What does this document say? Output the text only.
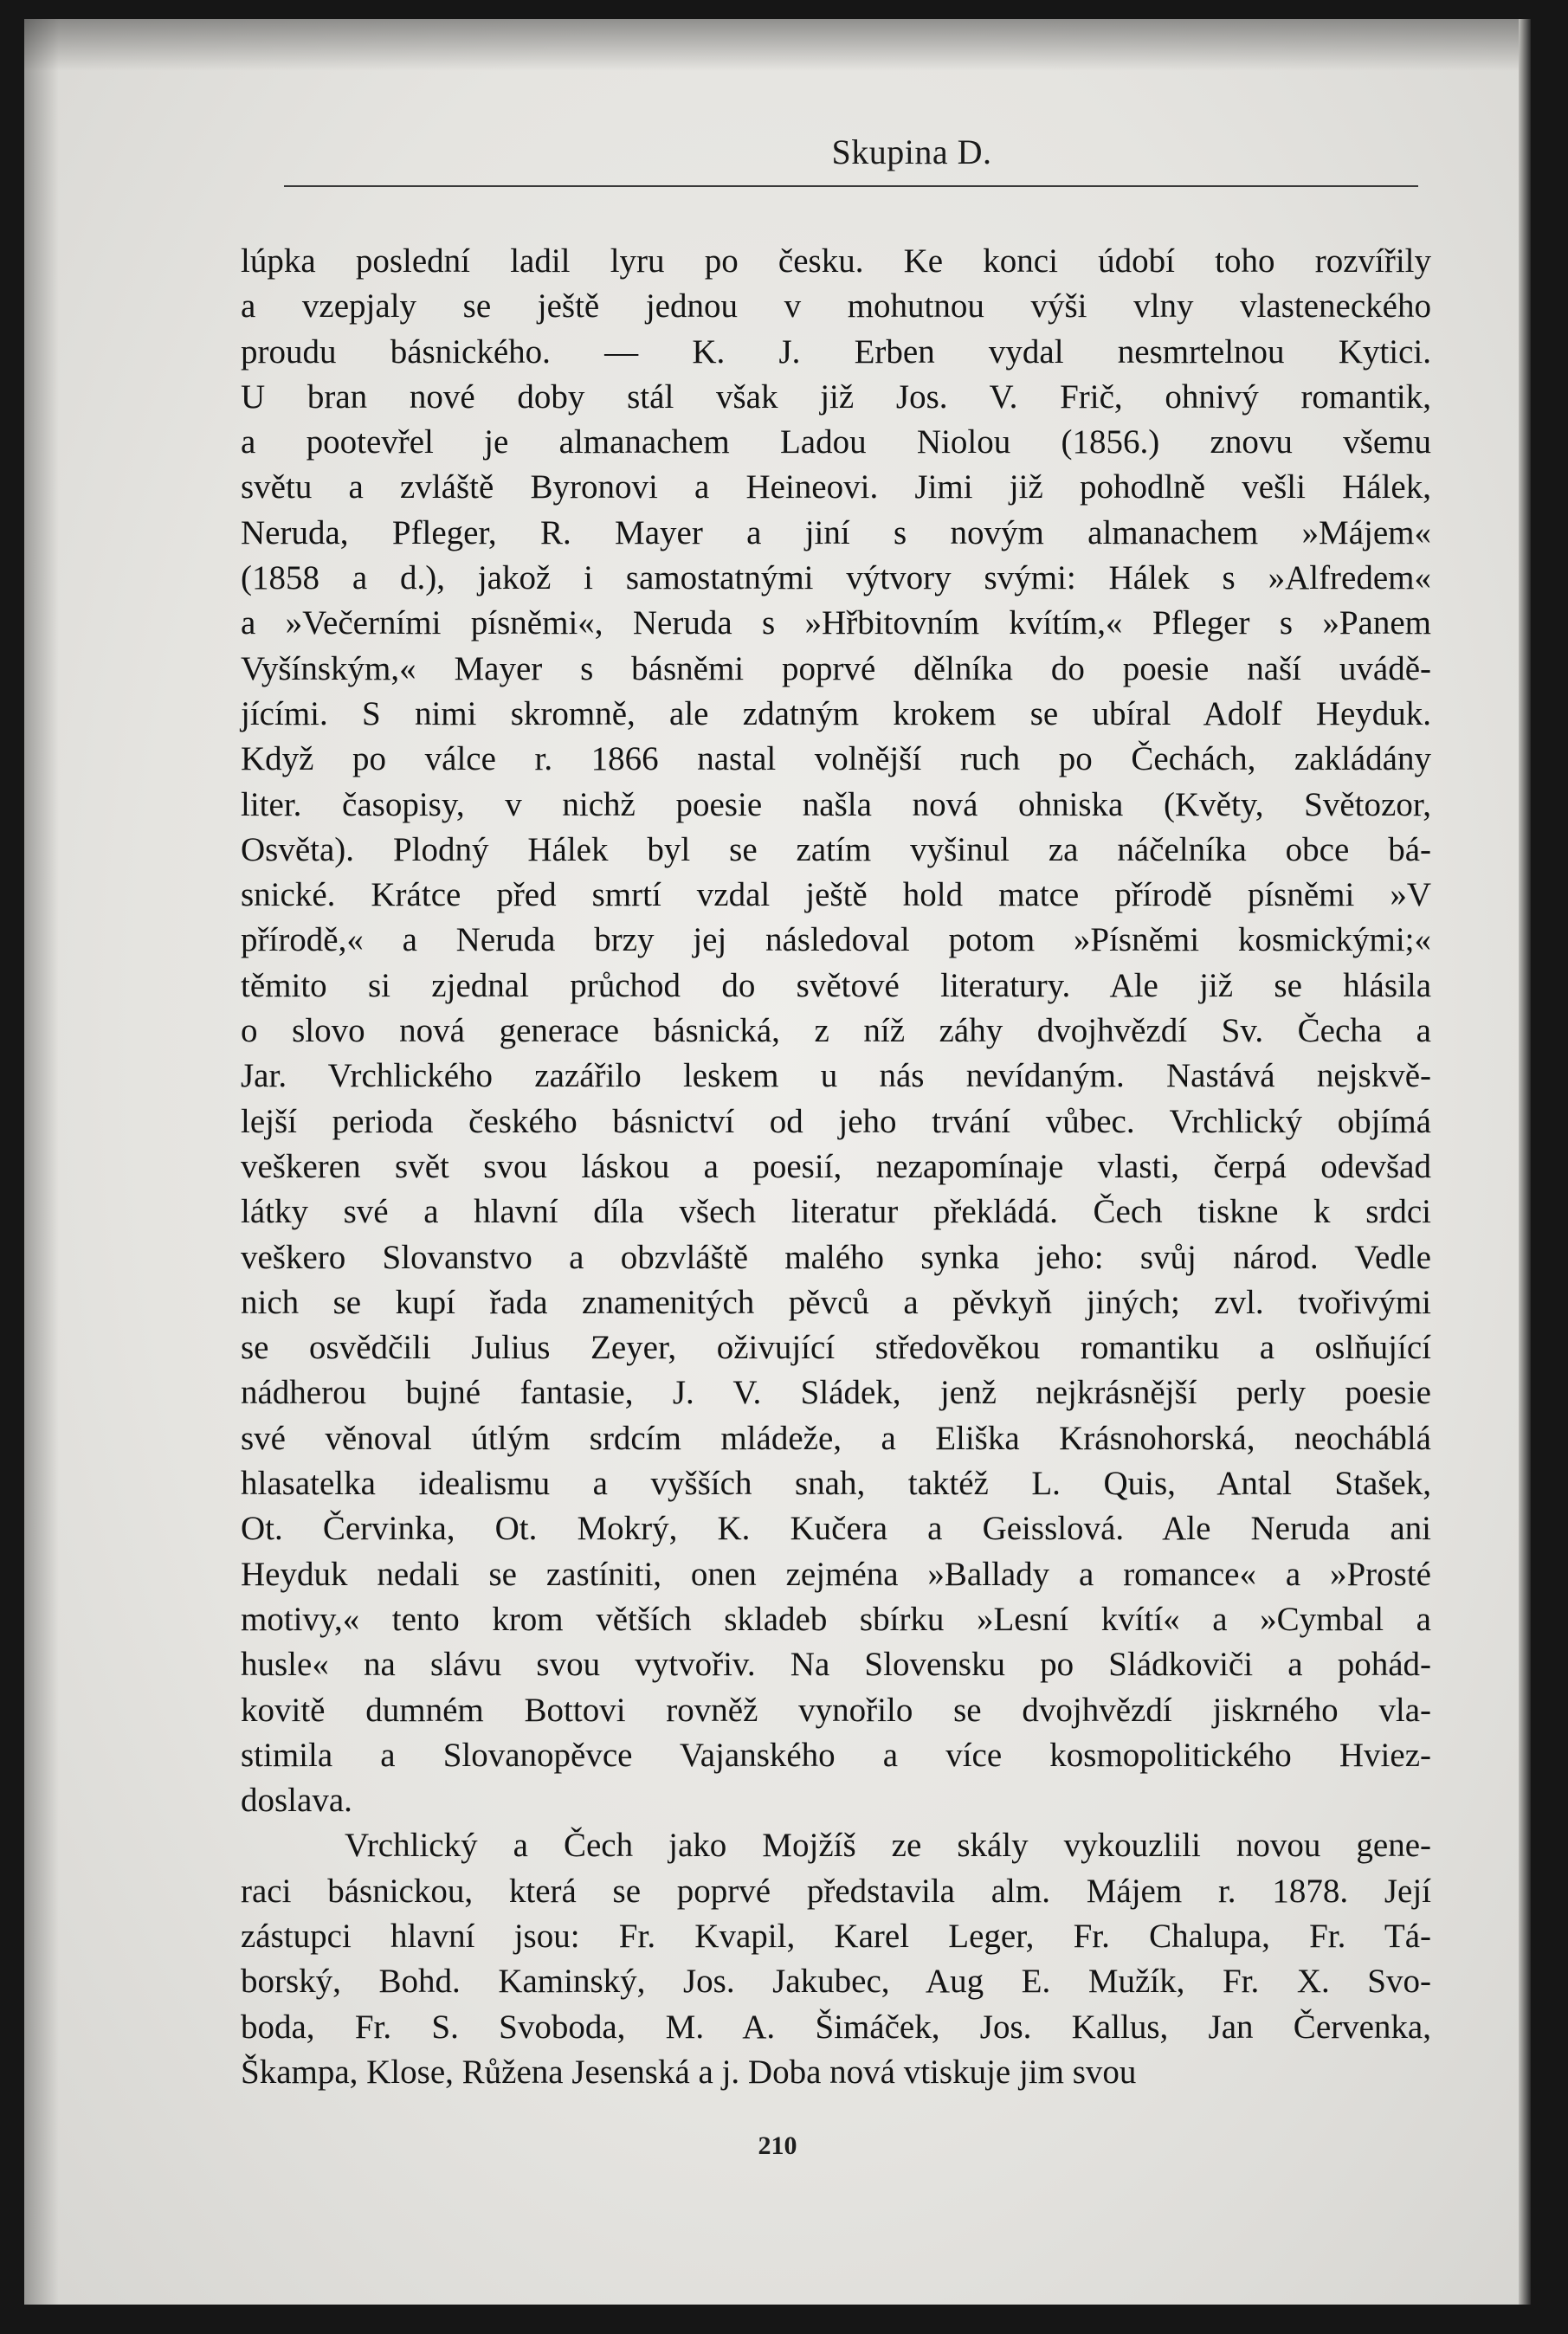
Skupina D.
lúpka poslední ladil lyru po česku. Ke konci údobí toho rozvířily
a vzepjaly se ještě jednou v mohutnou výši vlny vlasteneckého
proudu básnického. — K. J. Erben vydal nesmrtelnou Kytici.
U bran nové doby stál však již Jos. V. Frič, ohnivý romantik,
a pootevřel je almanachem Ladou Niolou (1856.) znovu všemu
světu a zvláště Byronovi a Heineovi. Jimi již pohodlně vešli Hálek,
Neruda, Pfleger, R. Mayer a jiní s novým almanachem »Májem«
(1858 a d.), jakož i samostatnými výtvory svými: Hálek s »Alfredem«
a »Večerními písněmi«, Neruda s »Hřbitovním kvítím,« Pfleger s »Panem
Vyšínským,« Mayer s básněmi poprvé dělníka do poesie naší uvádě-
jícími. S nimi skromně, ale zdatným krokem se ubíral Adolf Heyduk.
Když po válce r. 1866 nastal volnější ruch po Čechách, zakládány
liter. časopisy, v nichž poesie našla nová ohniska (Květy, Světozor,
Osvěta). Plodný Hálek byl se zatím vyšinul za náčelníka obce bá-
snické. Krátce před smrtí vzdal ještě hold matce přírodě písněmi »V
přírodě,« a Neruda brzy jej následoval potom »Písněmi kosmickými;«
těmito si zjednal průchod do světové literatury. Ale již se hlásila
o slovo nová generace básnická, z níž záhy dvojhvězdí Sv. Čecha a
Jar. Vrchlického zazářilo leskem u nás nevídaným. Nastává nejskvě-
lejší perioda českého básnictví od jeho trvání vůbec. Vrchlický objímá
veškeren svět svou láskou a poesií, nezapomínaje vlasti, čerpá odevšad
látky své a hlavní díla všech literatur překládá. Čech tiskne k srdci
veškero Slovanstvo a obzvláště malého synka jeho: svůj národ. Vedle
nich se kupí řada znamenitých pěvců a pěvkyň jiných; zvl. tvořivými
se osvědčili Julius Zeyer, oživující středověkou romantiku a oslňující
nádherou bujné fantasie, J. V. Sládek, jenž nejkrásnější perly poesie
své věnoval útlým srdcím mládeže, a Eliška Krásnohorská, neocháblá
hlasatelka idealismu a vyšších snah, taktéž L. Quis, Antal Stašek,
Ot. Červinka, Ot. Mokrý, K. Kučera a Geisslová. Ale Neruda ani
Heyduk nedali se zastíniti, onen zejména »Ballady a romance« a »Prosté
motivy,« tento krom větších skladeb sbírku »Lesní kvítí« a »Cymbal a
husle« na slávu svou vytvořiv. Na Slovensku po Sládkoviči a pohád-
kovitě dumném Bottovi rovněž vynořilo se dvojhvězdí jiskrného vla-
stimila a Slovanopěvce Vajanského a více kosmopolitického Hviez-
doslava.
Vrchlický a Čech jako Mojžíš ze skály vykouzlili novou gene-
raci básnickou, která se poprvé představila alm. Májem r. 1878. Její
zástupci hlavní jsou: Fr. Kvapil, Karel Leger, Fr. Chalupa, Fr. Tá-
borský, Bohd. Kaminský, Jos. Jakubec, Aug E. Mužík, Fr. X. Svo-
boda, Fr. S. Svoboda, M. A. Šimáček, Jos. Kallus, Jan Červenka,
Škampa, Klose, Růžena Jesenská a j. Doba nová vtiskuje jim svou
210
